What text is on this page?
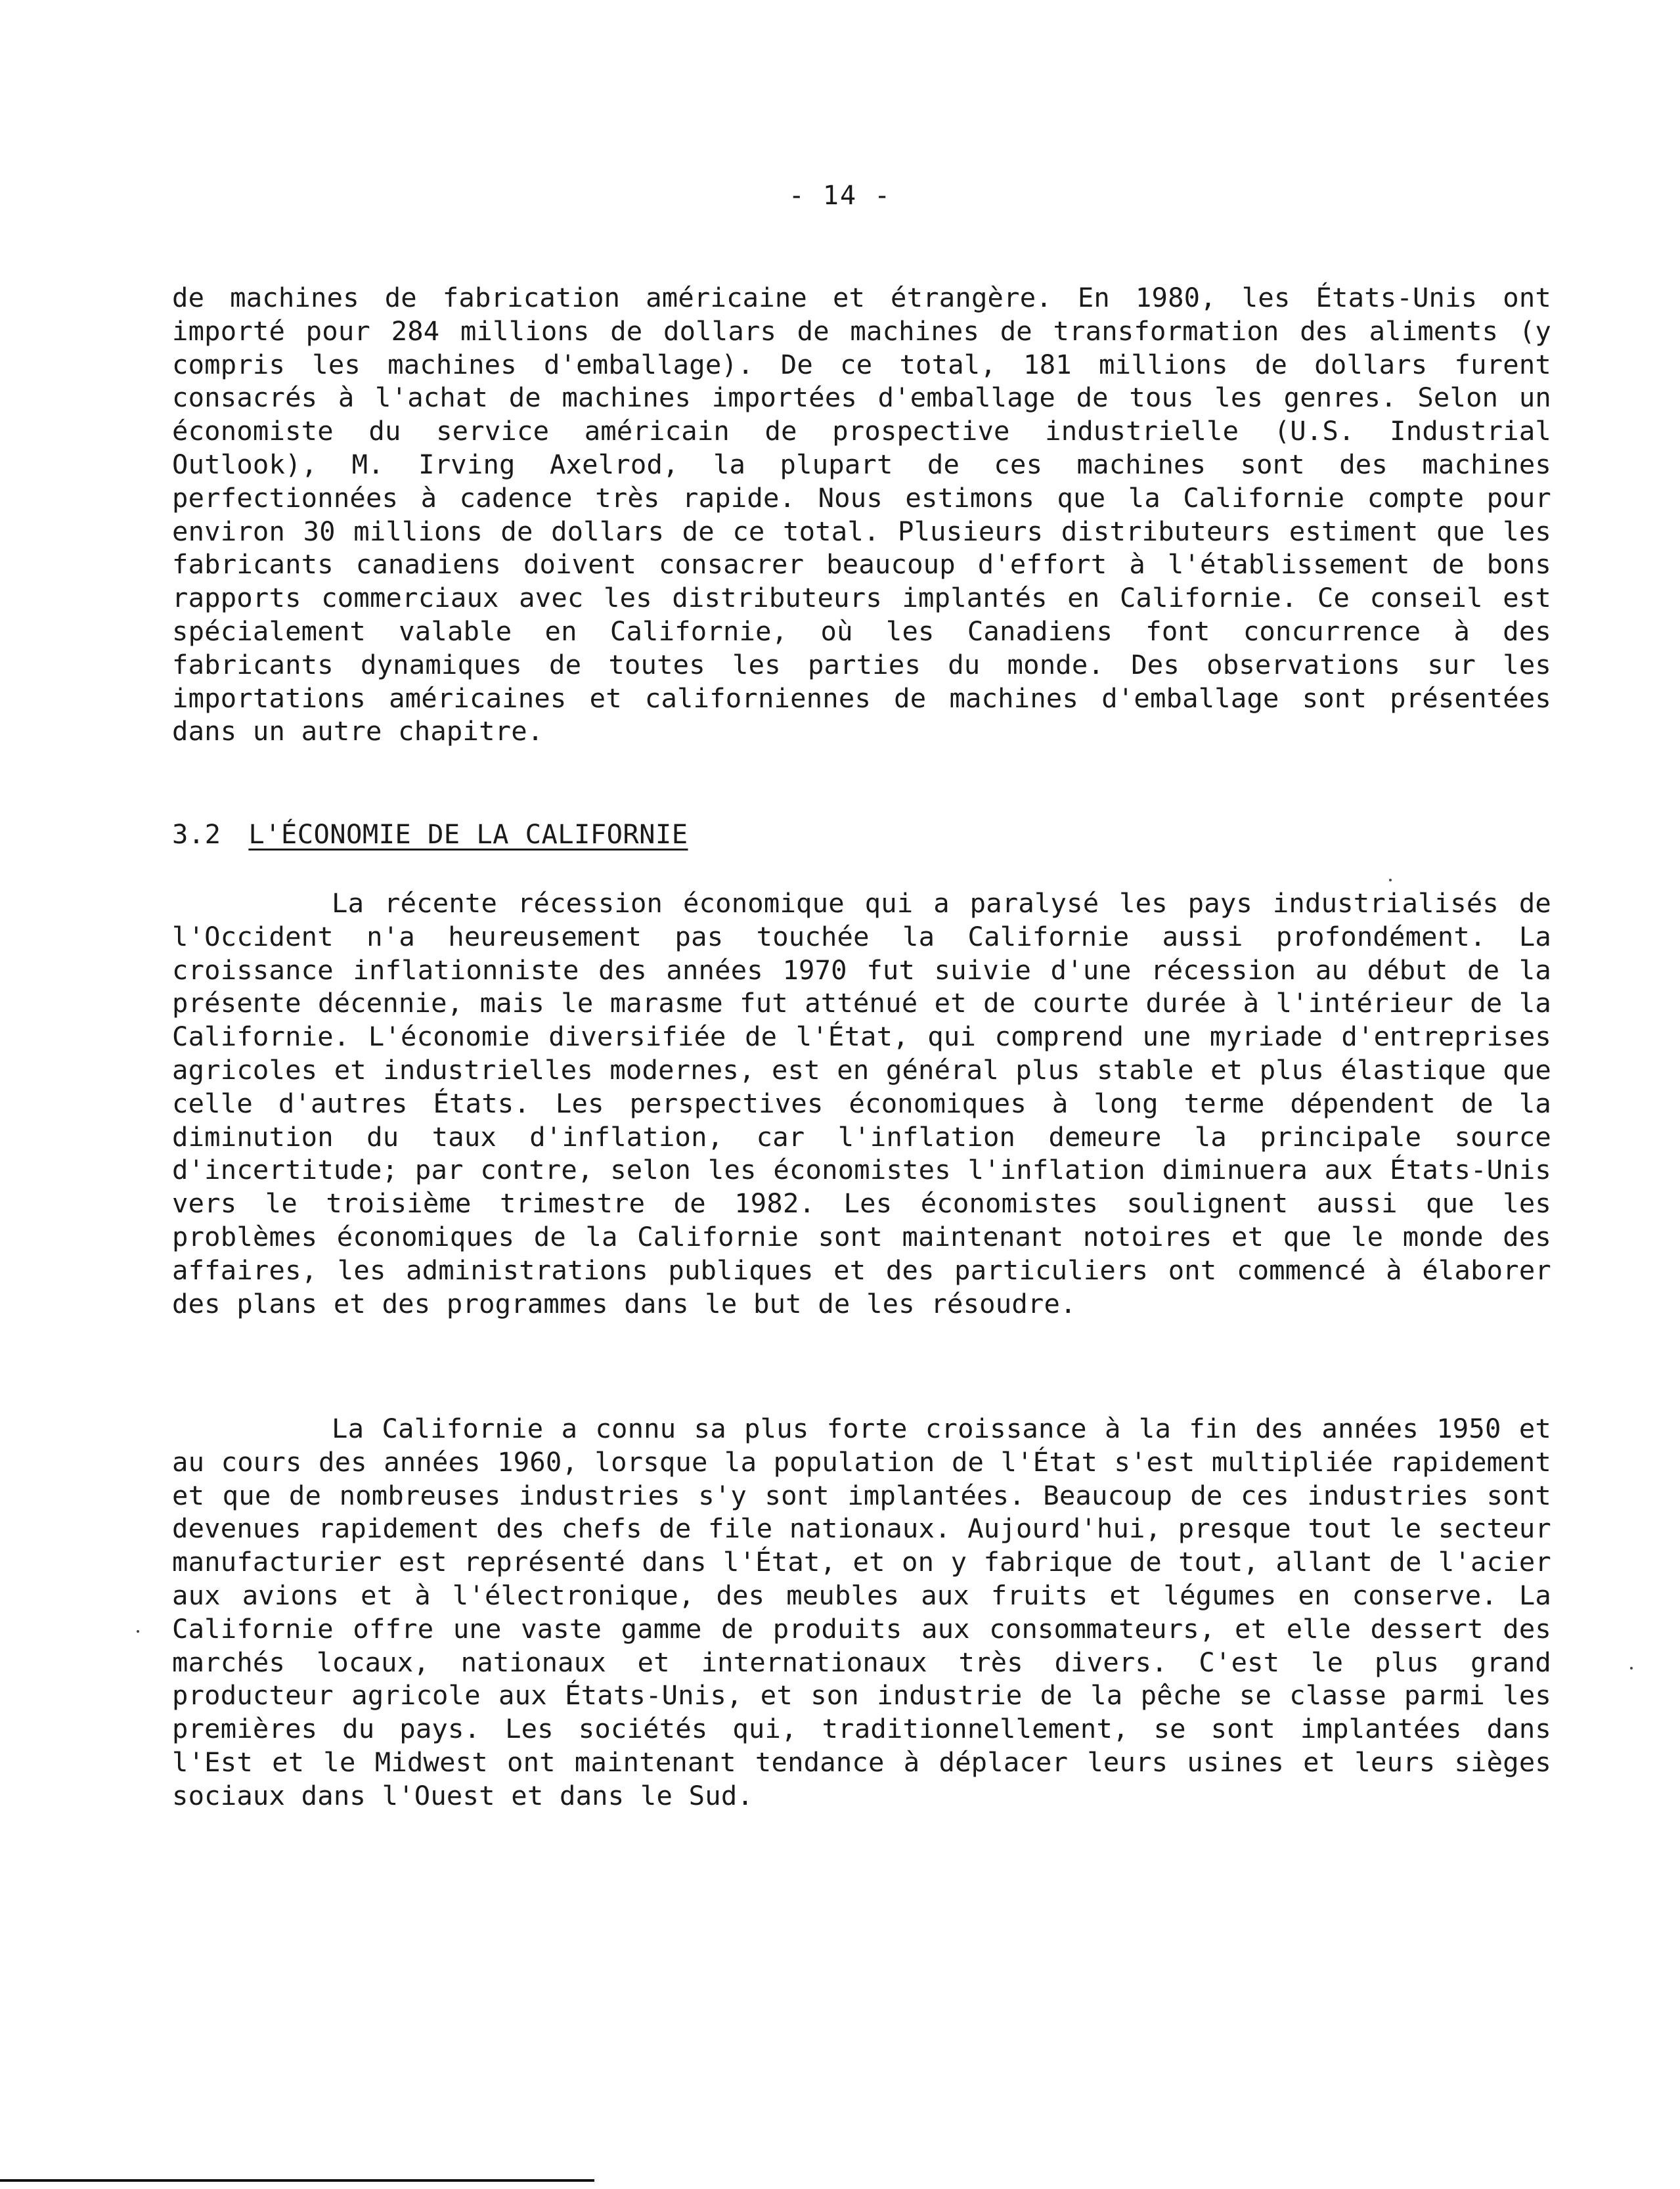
- 14 -
de machines de fabrication américaine et étrangère. En 1980, les États-Unis ont importé pour 284 millions de dollars de machines de transformation des aliments (y compris les machines d'emballage). De ce total, 181 millions de dollars furent consacrés à l'achat de machines importées d'emballage de tous les genres. Selon un économiste du service américain de prospective industrielle (U.S. Industrial Outlook), M. Irving Axelrod, la plupart de ces machines sont des machines perfectionnées à cadence très rapide. Nous estimons que la Californie compte pour environ 30 millions de dollars de ce total. Plusieurs distributeurs estiment que les fabricants canadiens doivent consacrer beaucoup d'effort à l'établissement de bons rapports commerciaux avec les distributeurs implantés en Californie. Ce conseil est spécialement valable en Californie, où les Canadiens font concurrence à des fabricants dynamiques de toutes les parties du monde. Des observations sur les importations américaines et californiennes de machines d'emballage sont présentées dans un autre chapitre.
3.2 L'ÉCONOMIE DE LA CALIFORNIE
La récente récession économique qui a paralysé les pays industrialisés de l'Occident n'a heureusement pas touchée la Californie aussi profondément. La croissance inflationniste des années 1970 fut suivie d'une récession au début de la présente décennie, mais le marasme fut atténué et de courte durée à l'intérieur de la Californie. L'économie diversifiée de l'État, qui comprend une myriade d'entreprises agricoles et industrielles modernes, est en général plus stable et plus élastique que celle d'autres États. Les perspectives économiques à long terme dépendent de la diminution du taux d'inflation, car l'inflation demeure la principale source d'incertitude; par contre, selon les économistes l'inflation diminuera aux États-Unis vers le troisième trimestre de 1982. Les économistes soulignent aussi que les problèmes économiques de la Californie sont maintenant notoires et que le monde des affaires, les administrations publiques et des particuliers ont commencé à élaborer des plans et des programmes dans le but de les résoudre.
La Californie a connu sa plus forte croissance à la fin des années 1950 et au cours des années 1960, lorsque la population de l'État s'est multipliée rapidement et que de nombreuses industries s'y sont implantées. Beaucoup de ces industries sont devenues rapidement des chefs de file nationaux. Aujourd'hui, presque tout le secteur manufacturier est représenté dans l'État, et on y fabrique de tout, allant de l'acier aux avions et à l'électronique, des meubles aux fruits et légumes en conserve. La Californie offre une vaste gamme de produits aux consommateurs, et elle dessert des marchés locaux, nationaux et internationaux très divers. C'est le plus grand producteur agricole aux États-Unis, et son industrie de la pêche se classe parmi les premières du pays. Les sociétés qui, traditionnellement, se sont implantées dans l'Est et le Midwest ont maintenant tendance à déplacer leurs usines et leurs sièges sociaux dans l'Ouest et dans le Sud.
